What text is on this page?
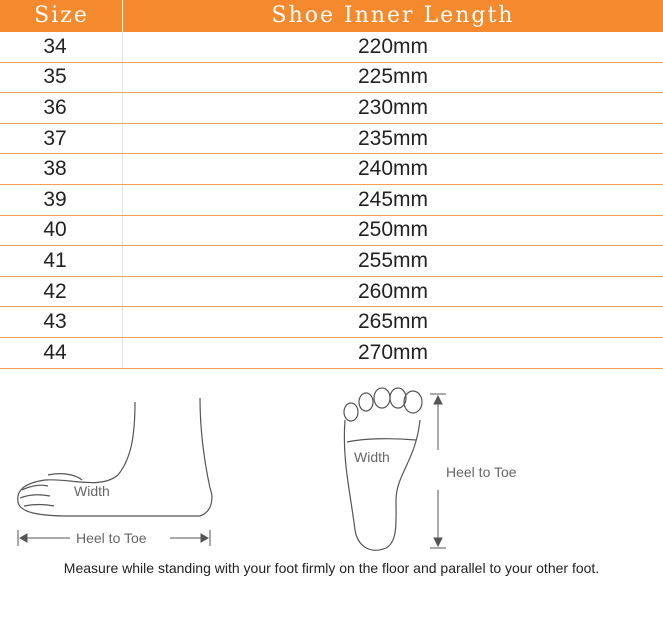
Size	Shoe Inner Length
34	220mm
35	225mm
36	230mm
37	235mm
38	240mm
39	245mm
40	250mm
41	255mm
42	260mm
43	265mm
44	270mm
Width
Heel to Toe
Width
Heel to Toe
Measure while standing with your foot firmly on the floor and parallel to your other foot.
